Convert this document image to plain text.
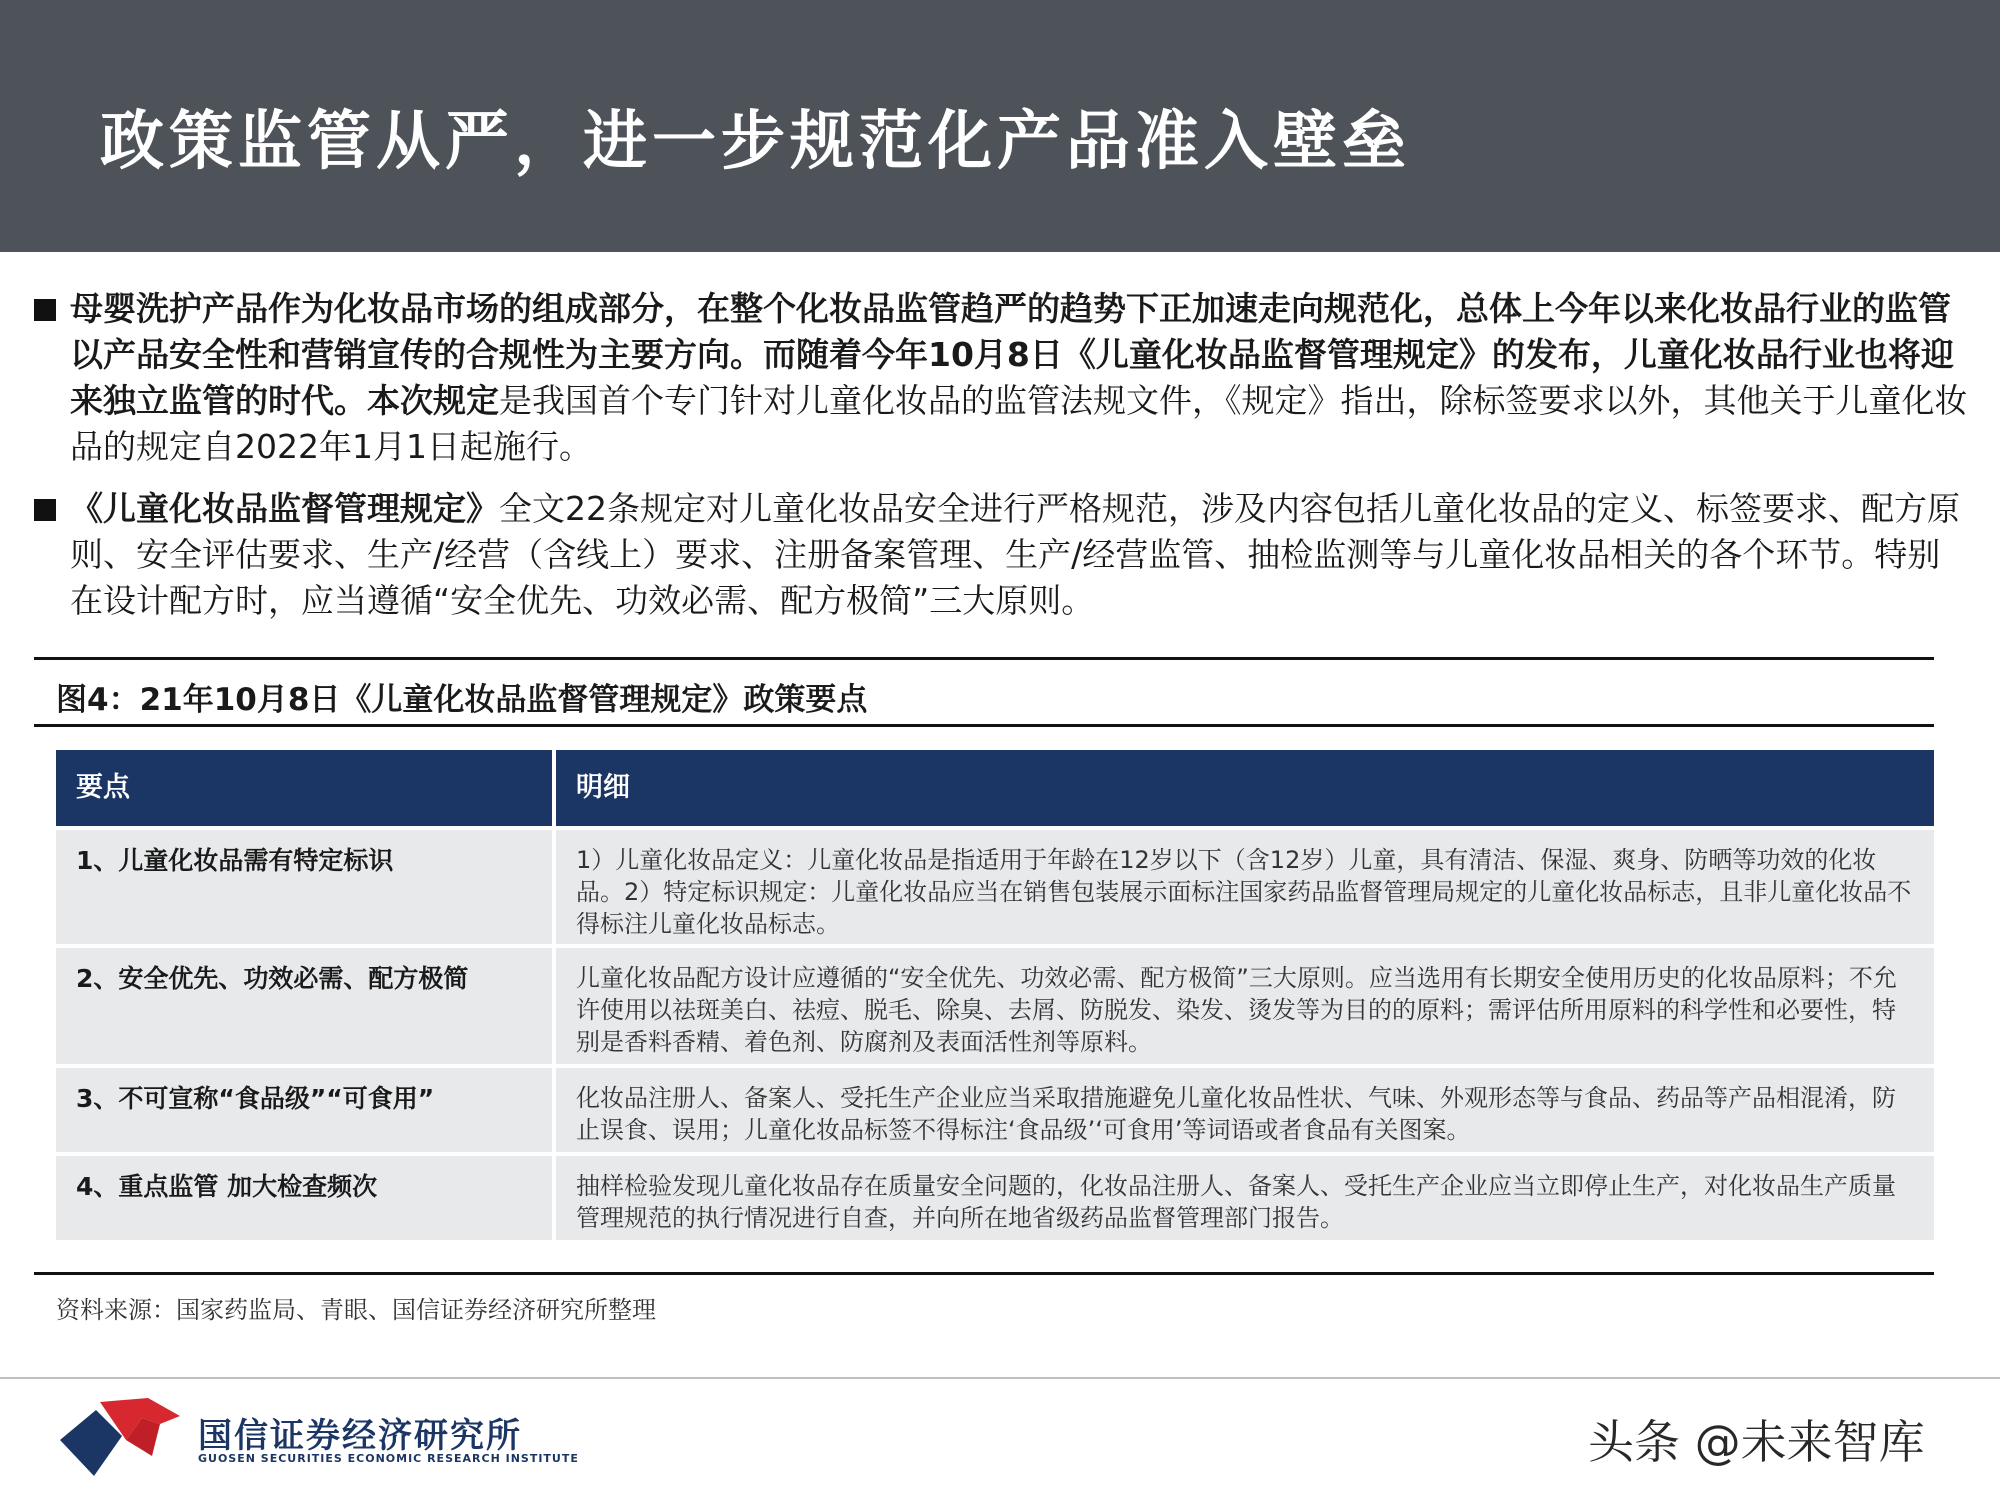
政策监管从严，进一步规范化产品准入壁垒
母婴洗护产品作为化妆品市场的组成部分，在整个化妆品监管趋严的趋势下正加速走向规范化，总体上今年以来化妆品行业的监管以产品安全性和营销宣传的合规性为主要方向。而随着今年10月8日《儿童化妆品监督管理规定》的发布，儿童化妆品行业也将迎来独立监管的时代。本次规定是我国首个专门针对儿童化妆品的监管法规文件，《规定》指出，除标签要求以外，其他关于儿童化妆品的规定自2022年1月1日起施行。
《儿童化妆品监督管理规定》全文22条规定对儿童化妆品安全进行严格规范，涉及内容包括儿童化妆品的定义、标签要求、配方原则、安全评估要求、生产/经营（含线上）要求、注册备案管理、生产/经营监管、抽检监测等与儿童化妆品相关的各个环节。特别在设计配方时，应当遵循“安全优先、功效必需、配方极简”三大原则。
图4：21年10月8日《儿童化妆品监督管理规定》政策要点
要点	明细
1、儿童化妆品需有特定标识	1）儿童化妆品定义：儿童化妆品是指适用于年龄在12岁以下（含12岁）儿童，具有清洁、保湿、爽身、防晒等功效的化妆品。2）特定标识规定：儿童化妆品应当在销售包装展示面标注国家药品监督管理局规定的儿童化妆品标志，且非儿童化妆品不得标注儿童化妆品标志。
2、安全优先、功效必需、配方极简	儿童化妆品配方设计应遵循的“安全优先、功效必需、配方极简”三大原则。应当选用有长期安全使用历史的化妆品原料；不允许使用以祛斑美白、祛痘、脱毛、除臭、去屑、防脱发、染发、烫发等为目的的原料；需评估所用原料的科学性和必要性，特别是香料香精、着色剂、防腐剂及表面活性剂等原料。
3、不可宣称“食品级”“可食用”	化妆品注册人、备案人、受托生产企业应当采取措施避免儿童化妆品性状、气味、外观形态等与食品、药品等产品相混淆，防止误食、误用；儿童化妆品标签不得标注‘食品级’‘可食用’等词语或者食品有关图案。
4、重点监管 加大检查频次	抽样检验发现儿童化妆品存在质量安全问题的，化妆品注册人、备案人、受托生产企业应当立即停止生产，对化妆品生产质量管理规范的执行情况进行自查，并向所在地省级药品监督管理部门报告。
资料来源：国家药监局、青眼、国信证券经济研究所整理
国信证券经济研究所
GUOSEN SECURITIES ECONOMIC RESEARCH INSTITUTE	头条 @未来智库
